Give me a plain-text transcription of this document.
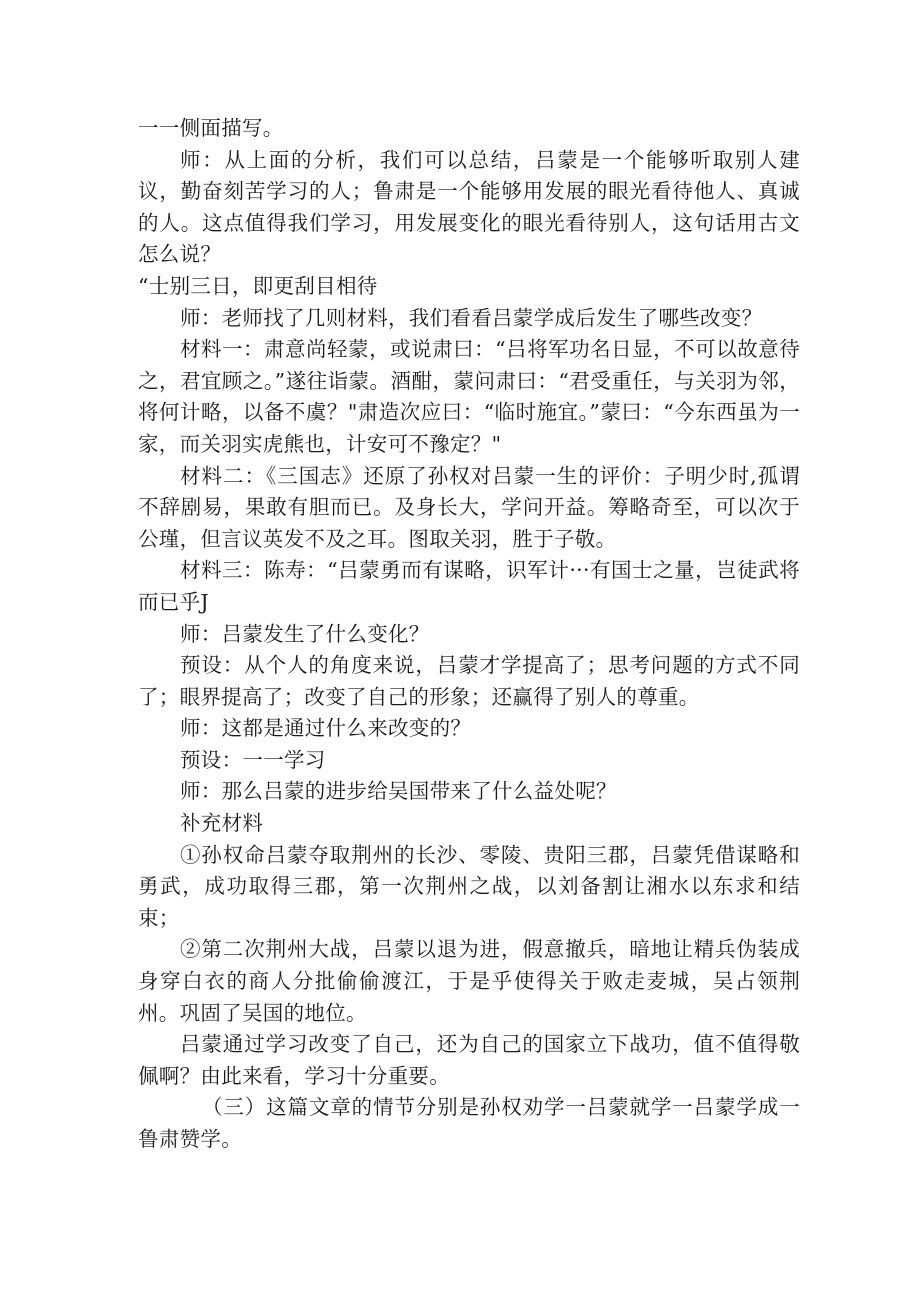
一一侧面描写。

师：从上面的分析，我们可以总结，吕蒙是一个能够听取别人建议，勤奋刻苦学习的人；鲁肃是一个能够用发展的眼光看待他人、真诚的人。这点值得我们学习，用发展变化的眼光看待别人，这句话用古文怎么说？

“士别三日，即更刮目相待

师：老师找了几则材料，我们看看吕蒙学成后发生了哪些改变？

材料一：肃意尚轻蒙，或说肃曰：“吕将军功名日显，不可以故意待之，君宜顾之。”遂往诣蒙。酒酣，蒙问肃曰：“君受重任，与关羽为邻，将何计略，以备不虞？"肃造次应曰：“临时施宜。”蒙曰：“今东西虽为一家，而关羽实虎熊也，计安可不豫定？"

材料二：《三国志》还原了孙权对吕蒙一生的评价：子明少时,孤谓不辞剧易，果敢有胆而已。及身长大，学问开益。筹略奇至，可以次于公瑾，但言议英发不及之耳。图取关羽，胜于子敬。

材料三：陈寿：“吕蒙勇而有谋略，识军计···有国士之量，岂徒武将而已乎J

师：吕蒙发生了什么变化？

预设：从个人的角度来说，吕蒙才学提高了；思考问题的方式不同了；眼界提高了；改变了自己的形象；还赢得了别人的尊重。

师：这都是通过什么来改变的？

预设：一一学习

师：那么吕蒙的进步给吴国带来了什么益处呢？

补充材料

①孙权命吕蒙夺取荆州的长沙、零陵、贵阳三郡，吕蒙凭借谋略和勇武，成功取得三郡，第一次荆州之战，以刘备割让湘水以东求和结束；

②第二次荆州大战，吕蒙以退为进，假意撤兵，暗地让精兵伪装成身穿白衣的商人分批偷偷渡江，于是乎使得关于败走麦城，吴占领荆州。巩固了吴国的地位。

吕蒙通过学习改变了自己，还为自己的国家立下战功，值不值得敬佩啊？由此来看，学习十分重要。

（三）这篇文章的情节分别是孙权劝学一吕蒙就学一吕蒙学成一鲁肃赞学。
